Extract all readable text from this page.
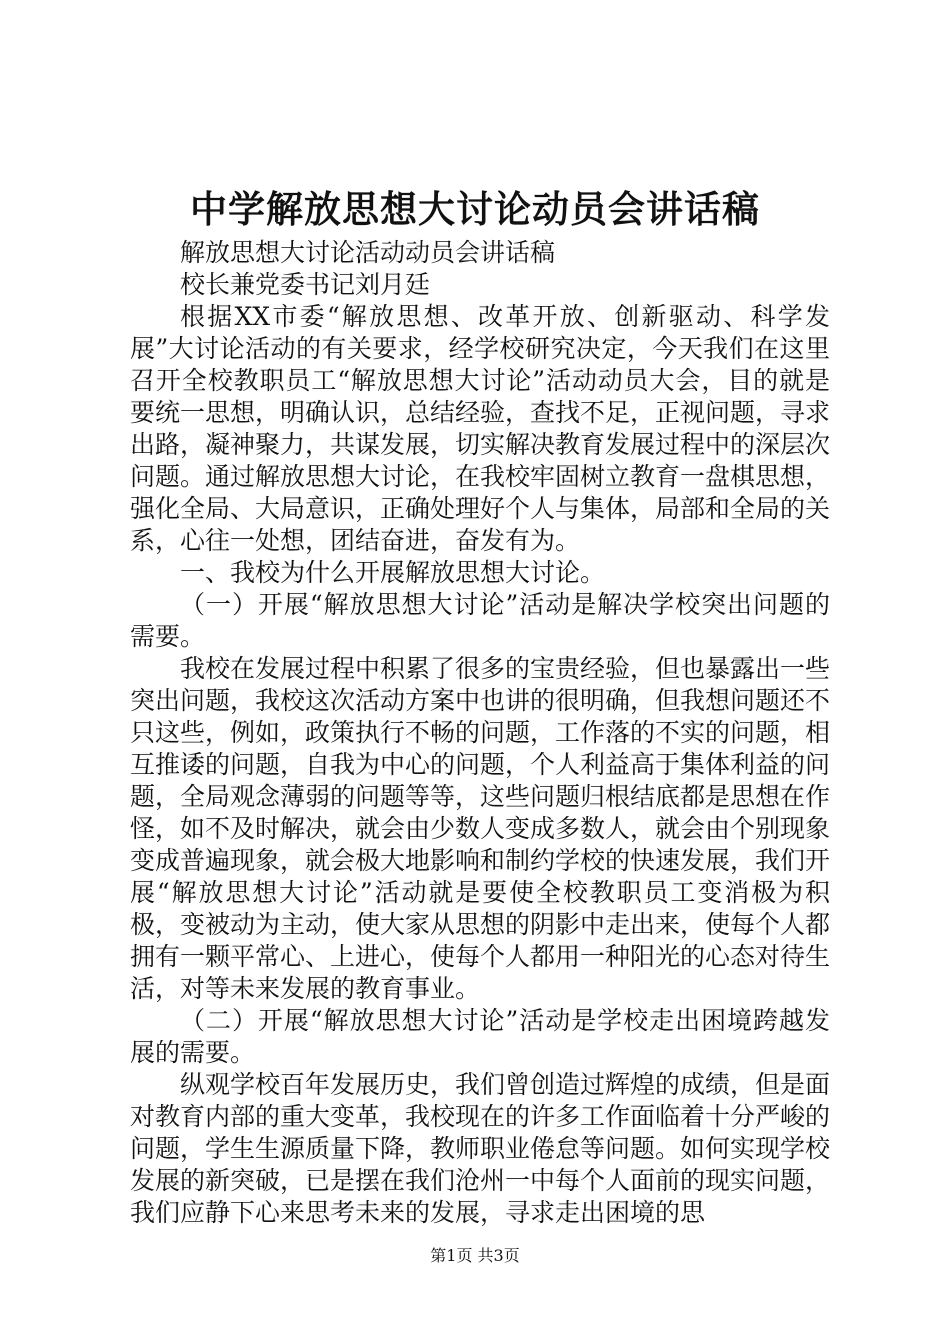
中学解放思想大讨论动员会讲话稿

解放思想大讨论活动动员会讲话稿

校长兼党委书记刘月廷

根据XX市委“解放思想、改革开放、创新驱动、科学发展”大讨论活动的有关要求，经学校研究决定，今天我们在这里召开全校教职员工“解放思想大讨论”活动动员大会，目的就是要统一思想，明确认识，总结经验，查找不足，正视问题，寻求出路，凝神聚力，共谋发展，切实解决教育发展过程中的深层次问题。通过解放思想大讨论，在我校牢固树立教育一盘棋思想，强化全局、大局意识，正确处理好个人与集体，局部和全局的关系，心往一处想，团结奋进，奋发有为。

一、我校为什么开展解放思想大讨论。

（一）开展“解放思想大讨论”活动是解决学校突出问题的需要。

我校在发展过程中积累了很多的宝贵经验，但也暴露出一些突出问题，我校这次活动方案中也讲的很明确，但我想问题还不只这些，例如，政策执行不畅的问题，工作落的不实的问题，相互推诿的问题，自我为中心的问题，个人利益高于集体利益的问题，全局观念薄弱的问题等等，这些问题归根结底都是思想在作怪，如不及时解决，就会由少数人变成多数人，就会由个别现象变成普遍现象，就会极大地影响和制约学校的快速发展，我们开展“解放思想大讨论”活动就是要使全校教职员工变消极为积极，变被动为主动，使大家从思想的阴影中走出来，使每个人都拥有一颗平常心、上进心，使每个人都用一种阳光的心态对待生活，对等未来发展的教育事业。

（二）开展“解放思想大讨论”活动是学校走出困境跨越发展的需要。

纵观学校百年发展历史，我们曾创造过辉煌的成绩，但是面对教育内部的重大变革，我校现在的许多工作面临着十分严峻的问题，学生生源质量下降，教师职业倦怠等问题。如何实现学校发展的新突破，已是摆在我们沧州一中每个人面前的现实问题，我们应静下心来思考未来的发展，寻求走出困境的思

第1页 共3页
